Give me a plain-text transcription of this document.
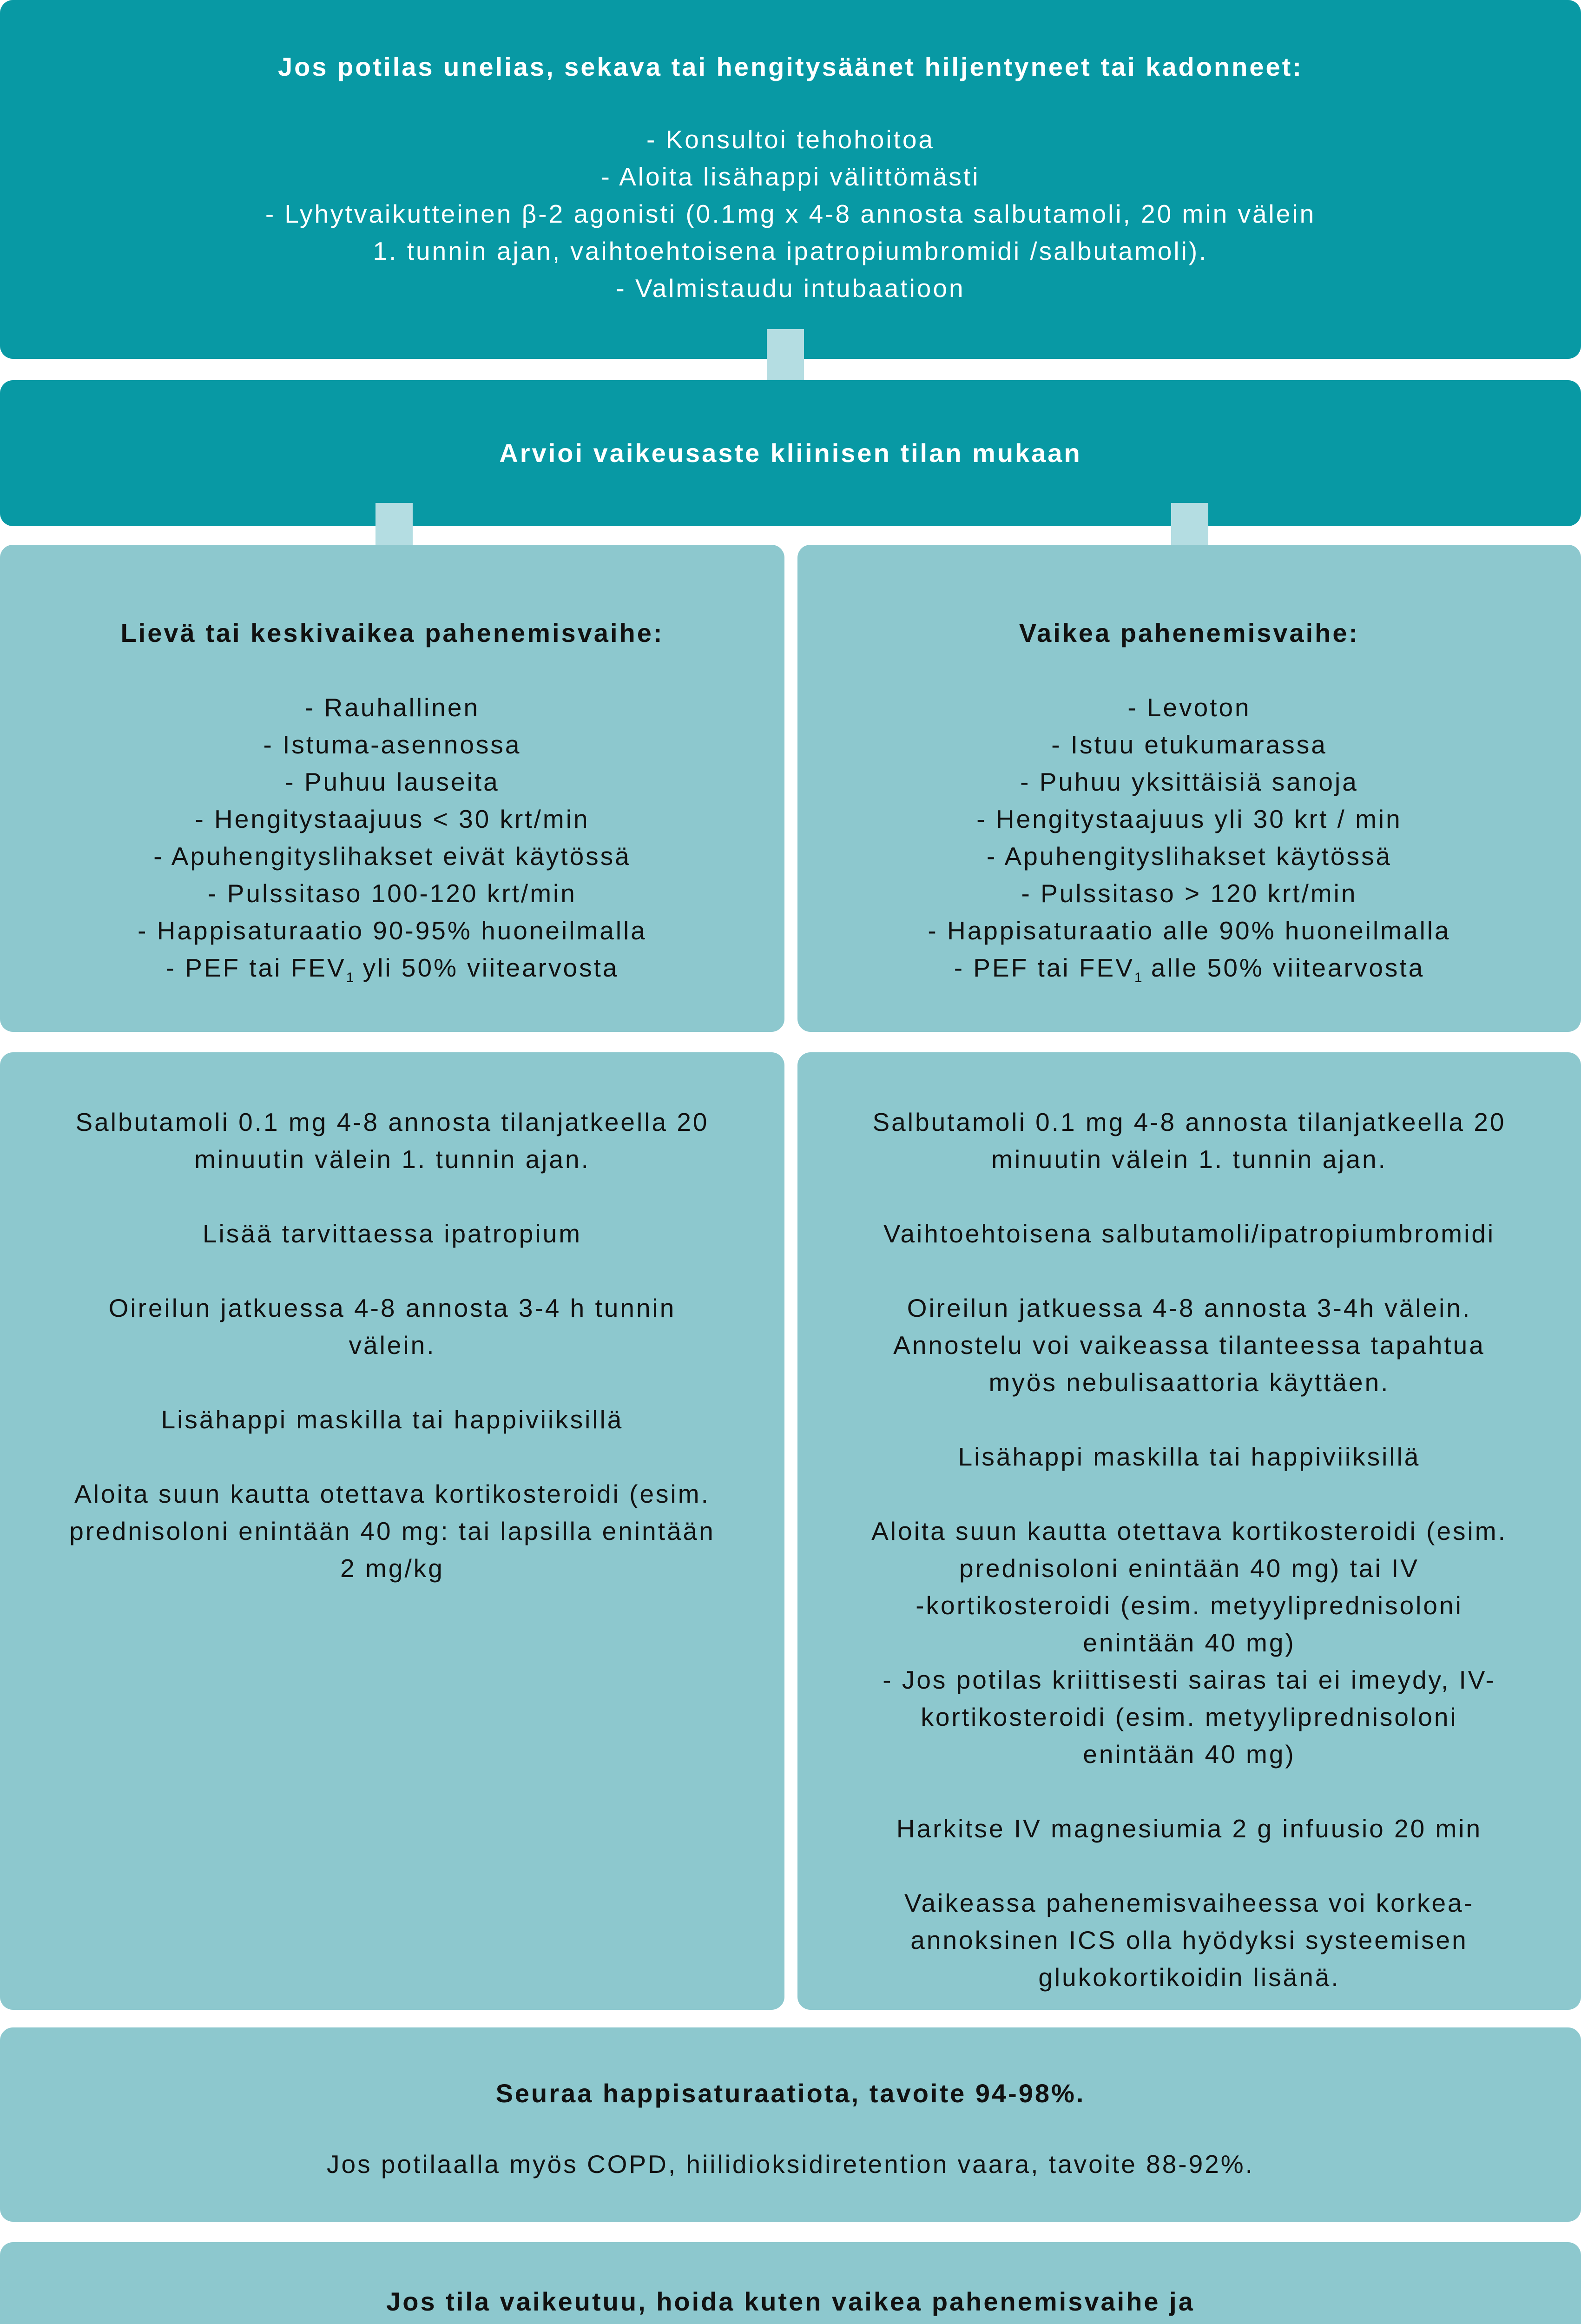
Jos potilas unelias, sekava tai hengitysäänet hiljentyneet tai kadonneet:
- Konsultoi tehohoitoa
- Aloita lisähappi välittömästi
- Lyhytvaikutteinen β-2 agonisti (0.1mg x 4-8 annosta salbutamoli, 20 min välein
1. tunnin ajan, vaihtoehtoisena ipatropiumbromidi /salbutamoli).
- Valmistaudu intubaatioon
Arvioi vaikeusaste kliinisen tilan mukaan
Lievä tai keskivaikea pahenemisvaihe:
- Rauhallinen
- Istuma-asennossa
- Puhuu lauseita
- Hengitystaajuus < 30 krt/min
- Apuhengityslihakset eivät käytössä
- Pulssitaso 100-120 krt/min
- Happisaturaatio 90-95% huoneilmalla
- PEF tai $FEV_1$ yli 50% viitearvosta
Vaikea pahenemisvaihe:
- Levoton
- Istuu etukumarassa
- Puhuu yksittäisiä sanoja
- Hengitystaajuus yli 30 krt / min
- Apuhengityslihakset käytössä
- Pulssitaso > 120 krt/min
- Happisaturaatio alle 90% huoneilmalla
- PEF tai $FEV_1$ alle 50% viitearvosta
Salbutamoli 0.1 mg 4-8 annosta tilanjatkeella 20
minuutin välein 1. tunnin ajan.
Lisää tarvittaessa ipatropium
Oireilun jatkuessa 4-8 annosta 3-4 h tunnin
välein.
Lisähappi maskilla tai happiviiksillä
Aloita suun kautta otettava kortikosteroidi (esim.
prednisoloni enintään 40 mg: tai lapsilla enintään
2 mg/kg
Salbutamoli 0.1 mg 4-8 annosta tilanjatkeella 20
minuutin välein 1. tunnin ajan.
Vaihtoehtoisena salbutamoli/ipatropiumbromidi
Oireilun jatkuessa 4-8 annosta 3-4h välein.
Annostelu voi vaikeassa tilanteessa tapahtua
myös nebulisaattoria käyttäen.
Lisähappi maskilla tai happiviiksillä
Aloita suun kautta otettava kortikosteroidi (esim.
prednisoloni enintään 40 mg) tai IV
-kortikosteroidi (esim. metyyliprednisoloni
enintään 40 mg)
- Jos potilas kriittisesti sairas tai ei imeydy, IV-
kortikosteroidi (esim. metyyliprednisoloni
enintään 40 mg)
Harkitse IV magnesiumia 2 g infuusio 20 min
Vaikeassa pahenemisvaiheessa voi korkea-
annoksinen ICS olla hyödyksi systeemisen
glukokortikoidin lisänä.
Seuraa happisaturaatiota, tavoite 94-98%.
Jos potilaalla myös COPD, hiilidioksidiretention vaara, tavoite 88-92%.
Jos tila vaikeutuu, hoida kuten vaikea pahenemisvaihe ja
